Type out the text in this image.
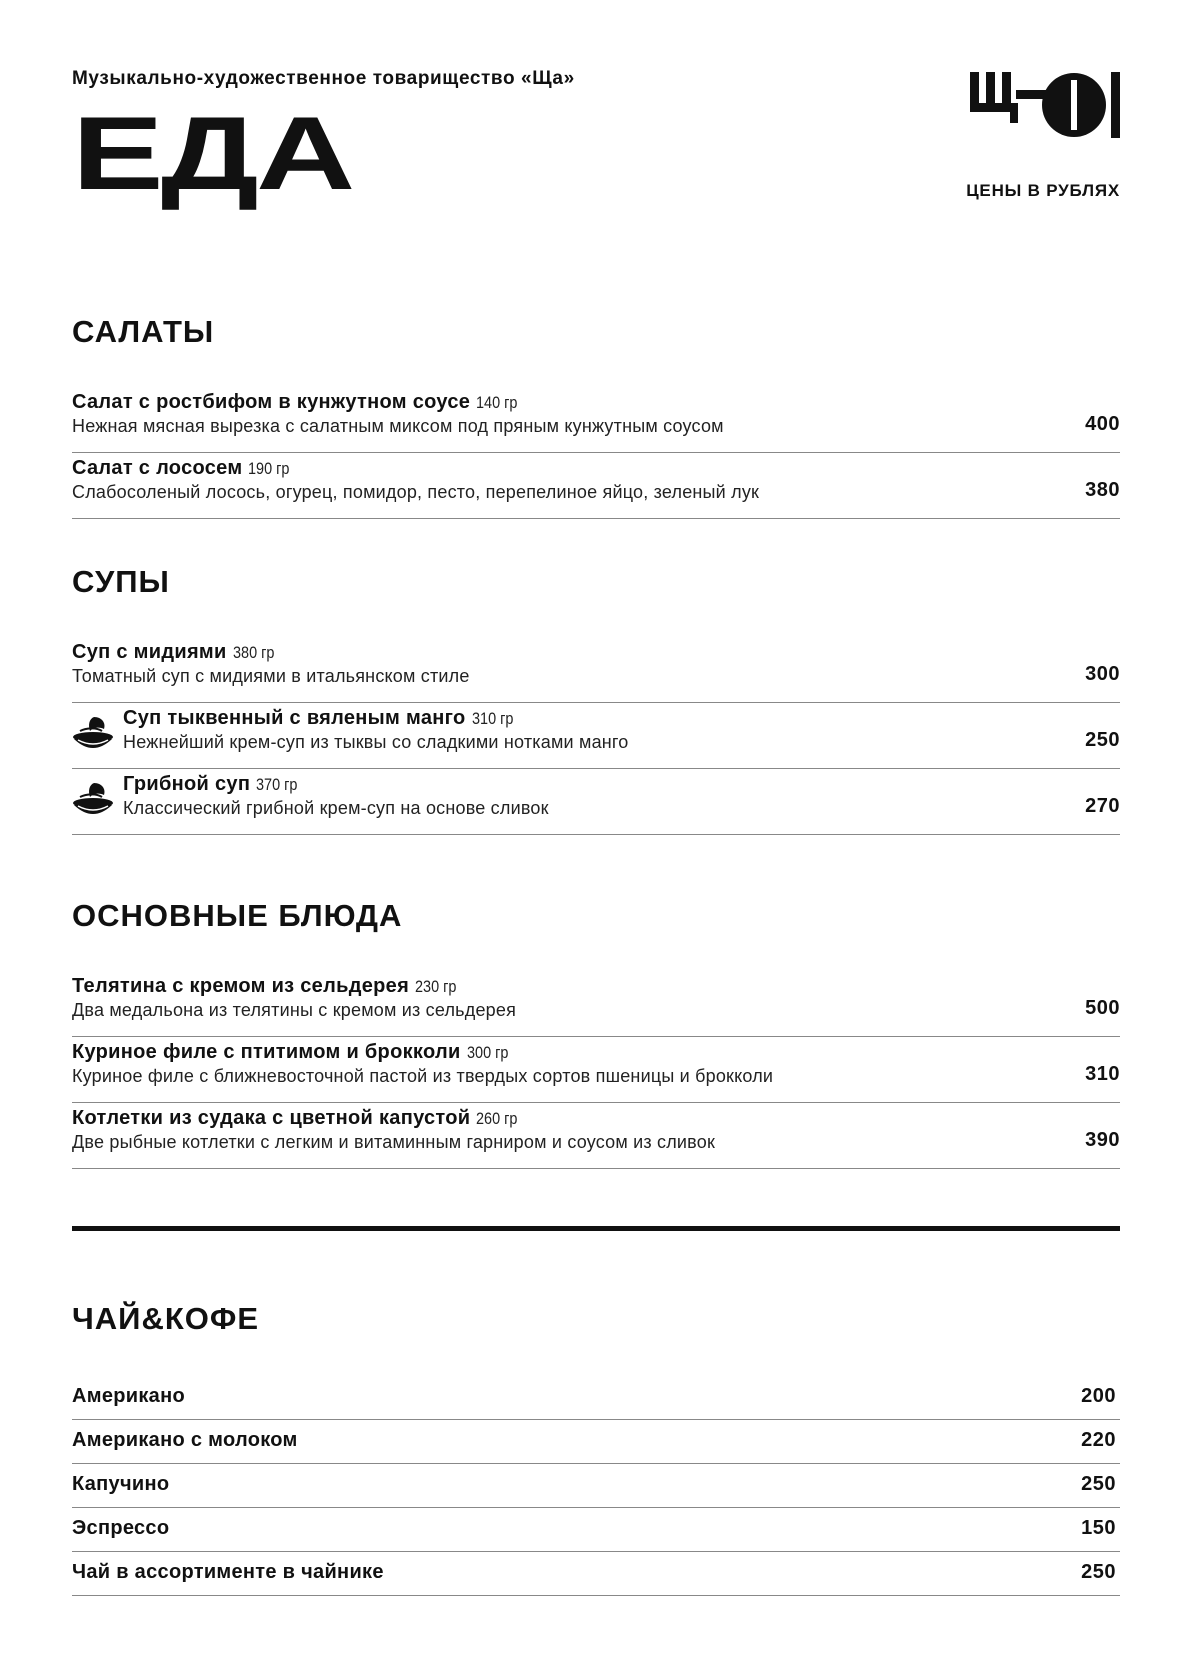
Музыкально-художественное товарищество «Ща»
ЕДА	ЦЕНЫ В РУБЛЯХ
САЛАТЫ
Салат с ростбифом в кунжутном соусе 140 гр
Нежная мясная вырезка с салатным миксом под пряным кунжутным соусом	400
Салат с лососем 190 гр
Слабосоленый лосось, огурец, помидор, песто, перепелиное яйцо, зеленый лук	380
СУПЫ
Суп с мидиями 380 гр
Томатный суп с мидиями в итальянском стиле	300
Суп тыквенный с вяленым манго 310 гр
Нежнейший крем-суп из тыквы со сладкими нотками манго	250
Грибной суп 370 гр
Классический грибной крем-суп на основе сливок	270
ОСНОВНЫЕ БЛЮДА
Телятина с кремом из сельдерея 230 гр
Два медальона из телятины с кремом из сельдерея	500
Куриное филе с птитимом и брокколи 300 гр
Куриное филе с ближневосточной пастой из твердых сортов пшеницы и брокколи	310
Котлетки из судака с цветной капустой 260 гр
Две рыбные котлетки с легким и витаминным гарниром и соусом из сливок	390
ЧАЙ&КОФЕ
Американо	200
Американо с молоком	220
Капучино	250
Эспрессо	150
Чай в ассортименте в чайнике	250
